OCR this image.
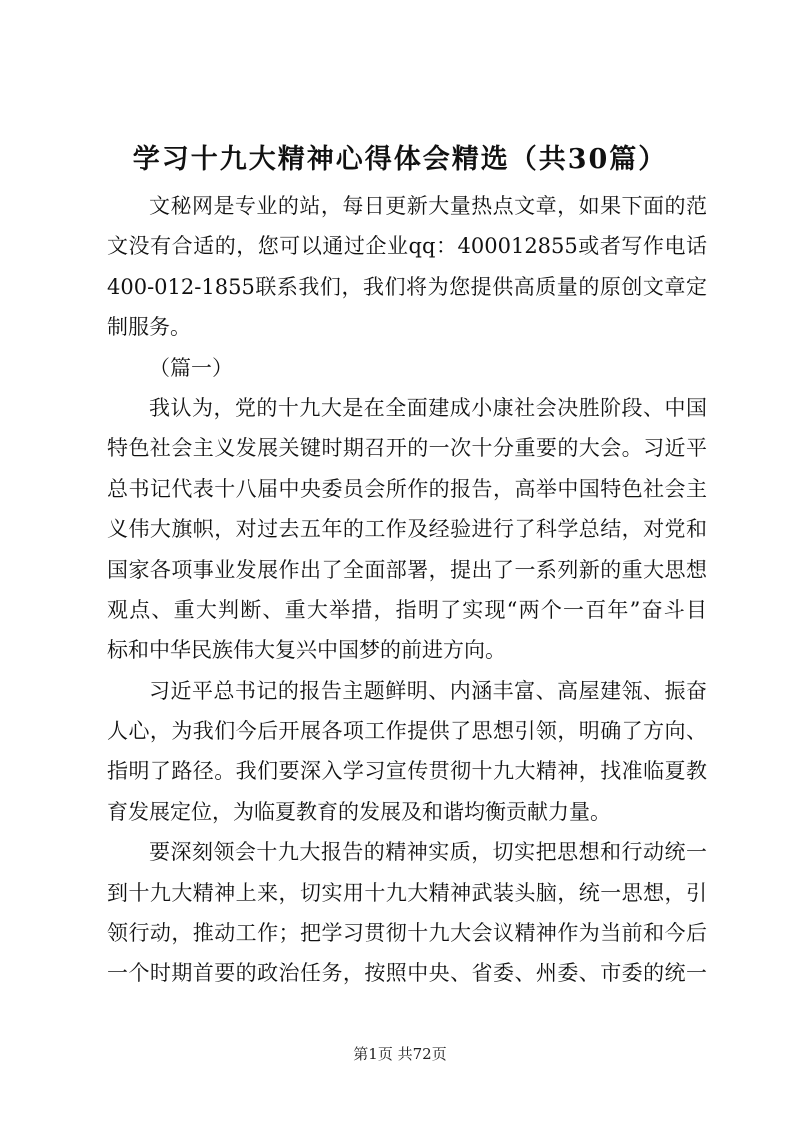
学习十九大精神心得体会精选（共30篇）
文秘网是专业的站，每日更新大量热点文章，如果下面的范
文没有合适的，您可以通过企业qq：400012855或者写作电话
400-012-1855联系我们，我们将为您提供高质量的原创文章定
制服务。
（篇一）
我认为，党的十九大是在全面建成小康社会决胜阶段、中国
特色社会主义发展关键时期召开的一次十分重要的大会。习近平
总书记代表十八届中央委员会所作的报告，高举中国特色社会主
义伟大旗帜，对过去五年的工作及经验进行了科学总结，对党和
国家各项事业发展作出了全面部署，提出了一系列新的重大思想
观点、重大判断、重大举措，指明了实现“两个一百年”奋斗目
标和中华民族伟大复兴中国梦的前进方向。
习近平总书记的报告主题鲜明、内涵丰富、高屋建瓴、振奋
人心，为我们今后开展各项工作提供了思想引领，明确了方向、
指明了路径。我们要深入学习宣传贯彻十九大精神，找准临夏教
育发展定位，为临夏教育的发展及和谐均衡贡献力量。
要深刻领会十九大报告的精神实质，切实把思想和行动统一
到十九大精神上来，切实用十九大精神武装头脑，统一思想，引
领行动，推动工作；把学习贯彻十九大会议精神作为当前和今后
一个时期首要的政治任务，按照中央、省委、州委、市委的统一
第1页 共72页
